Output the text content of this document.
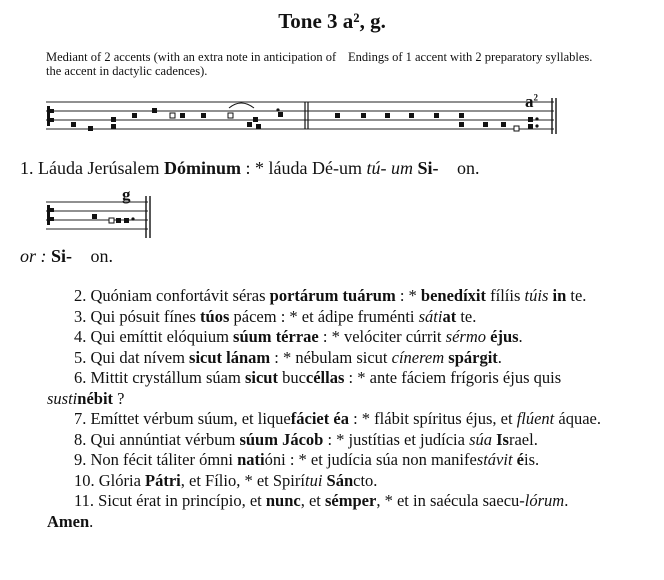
Tone 3 a², g.
Mediant of 2 accents (with an extra note in anticipation of the accent in dactylic cadences).
Endings of 1 accent with 2 preparatory syllables.
$a^2$
1. Láuda Jerúsalem Dóminum : * láuda Dé-um tú- um Si- on.
g
or : Si- on.

2. Quóniam confortávit séras portárum tuárum : * benedíxit fílíis túis in te.

3. Qui pósuit fínes túos pácem : * et ádipe fruménti sátiat te.

4. Qui emíttit elóquium súum térrae : * velóciter cúrrit sérmo éjus.

5. Qui dat nívem sicut lánam : * nébulam sicut cínerem spárgit.

6. Mittit crystállum súam sicut buccéllas : * ante fáciem frígoris éjus quis sustinébit ?

7. Emíttet vérbum súum, et liquefáciet éa : * flábit spíritus éjus, et flúent áquae.

8. Qui annúntiat vérbum súum Jácob : * justítias et judícia súa Israel.

9. Non fécit táliter ómni natióni : * et judícia súa non manifestávit éis.

10. Glória Pátri, et Fílio, * et Spirítui Sáncto.

11. Sicut érat in princípio, et nunc, et sémper, * et in saécula saecu-lórum. Amen.
